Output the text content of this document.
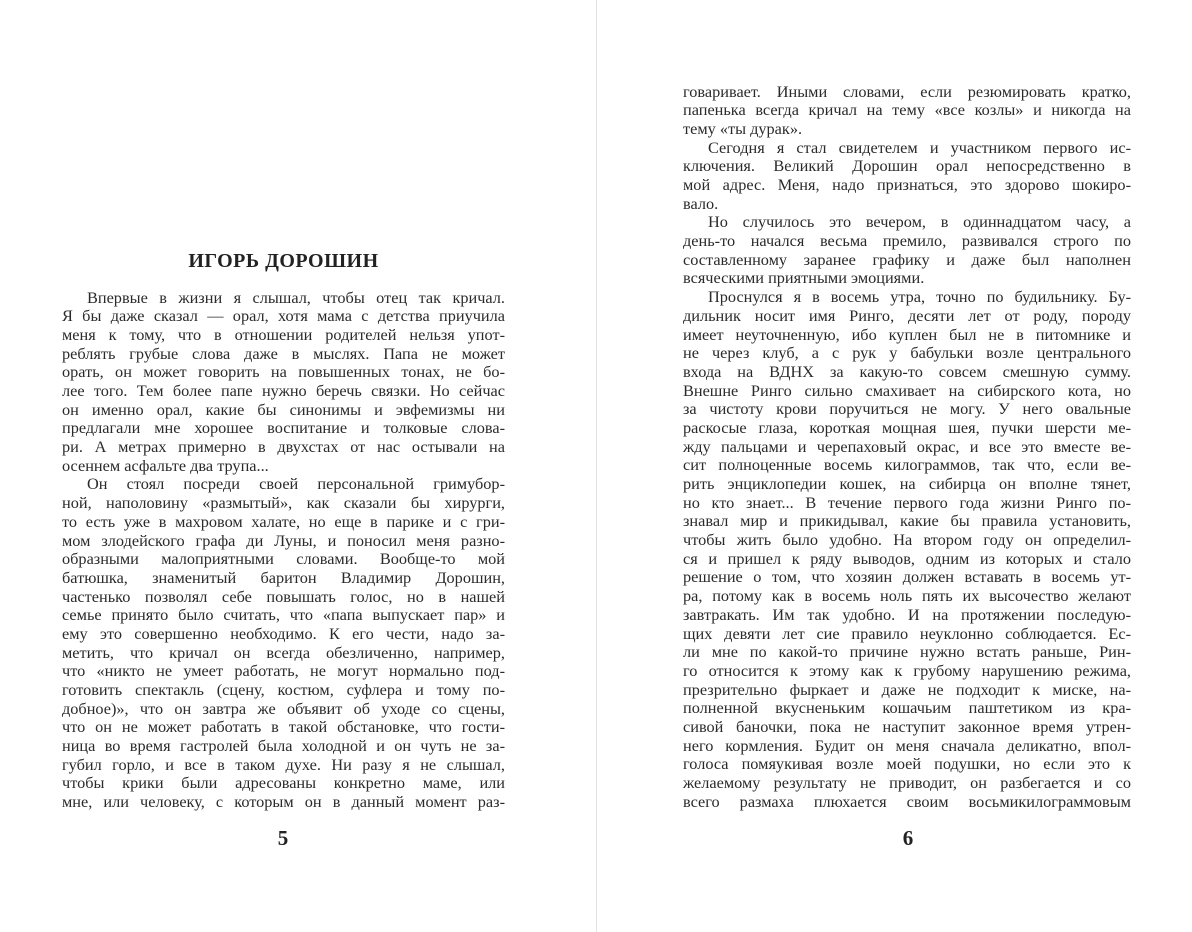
ИГОРЬ ДОРОШИН
Впервые в жизни я слышал, чтобы отец так кричал.
Я бы даже сказал — орал, хотя мама с детства приучила
меня к тому, что в отношении родителей нельзя упот-
реблять грубые слова даже в мыслях. Папа не может
орать, он может говорить на повышенных тонах, не бо-
лее того. Тем более папе нужно беречь связки. Но сейчас
он именно орал, какие бы синонимы и эвфемизмы ни
предлагали мне хорошее воспитание и толковые слова-
ри. А метрах примерно в двухстах от нас остывали на
осеннем асфальте два трупа...
Он стоял посреди своей персональной гримубор-
ной, наполовину «размытый», как сказали бы хирурги,
то есть уже в махровом халате, но еще в парике и с гри-
мом злодейского графа ди Луны, и поносил меня разно-
образными малоприятными словами. Вообще-то мой
батюшка, знаменитый баритон Владимир Дорошин,
частенько позволял себе повышать голос, но в нашей
семье принято было считать, что «папа выпускает пар» и
ему это совершенно необходимо. К его чести, надо за-
метить, что кричал он всегда обезличенно, например,
что «никто не умеет работать, не могут нормально под-
готовить спектакль (сцену, костюм, суфлера и тому по-
добное)», что он завтра же объявит об уходе со сцены,
что он не может работать в такой обстановке, что гости-
ница во время гастролей была холодной и он чуть не за-
губил горло, и все в таком духе. Ни разу я не слышал,
чтобы крики были адресованы конкретно маме, или
мне, или человеку, с которым он в данный момент раз-
5
говаривает. Иными словами, если резюмировать кратко,
папенька всегда кричал на тему «все козлы» и никогда на
тему «ты дурак».
Сегодня я стал свидетелем и участником первого ис-
ключения. Великий Дорошин орал непосредственно в
мой адрес. Меня, надо признаться, это здорово шокиро-
вало.
Но случилось это вечером, в одиннадцатом часу, а
день-то начался весьма премило, развивался строго по
составленному заранее графику и даже был наполнен
всяческими приятными эмоциями.
Проснулся я в восемь утра, точно по будильнику. Бу-
дильник носит имя Ринго, десяти лет от роду, породу
имеет неуточненную, ибо куплен был не в питомнике и
не через клуб, а с рук у бабульки возле центрального
входа на ВДНХ за какую-то совсем смешную сумму.
Внешне Ринго сильно смахивает на сибирского кота, но
за чистоту крови поручиться не могу. У него овальные
раскосые глаза, короткая мощная шея, пучки шерсти ме-
жду пальцами и черепаховый окрас, и все это вместе ве-
сит полноценные восемь килограммов, так что, если ве-
рить энциклопедии кошек, на сибирца он вполне тянет,
но кто знает... В течение первого года жизни Ринго по-
знавал мир и прикидывал, какие бы правила установить,
чтобы жить было удобно. На втором году он определил-
ся и пришел к ряду выводов, одним из которых и стало
решение о том, что хозяин должен вставать в восемь ут-
ра, потому как в восемь ноль пять их высочество желают
завтракать. Им так удобно. И на протяжении последую-
щих девяти лет сие правило неуклонно соблюдается. Ес-
ли мне по какой-то причине нужно встать раньше, Рин-
го относится к этому как к грубому нарушению режима,
презрительно фыркает и даже не подходит к миске, на-
полненной вкусненьким кошачьим паштетиком из кра-
сивой баночки, пока не наступит законное время утрен-
него кормления. Будит он меня сначала деликатно, впол-
голоса помяукивая возле моей подушки, но если это к
желаемому результату не приводит, он разбегается и со
всего размаха плюхается своим восьмикилограммовым
6
